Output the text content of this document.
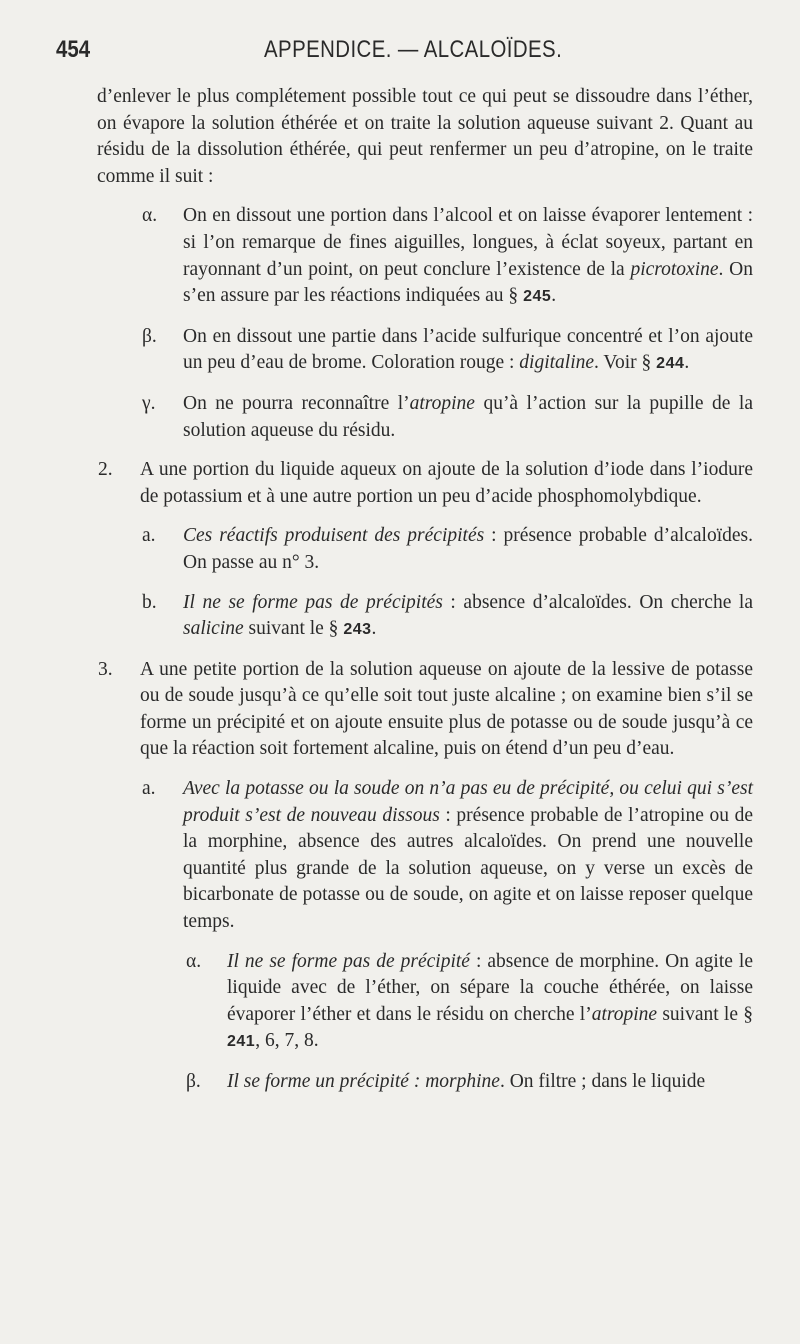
454	APPENDICE. — ALCALOÏDES.

d’enlever le plus complétement possible tout ce qui peut se dissoudre dans l’éther, on évapore la solution éthérée et on traite la solution aqueuse suivant 2. Quant au résidu de la dissolution éthérée, qui peut renfermer un peu d’atropine, on le traite comme il suit :

α. On en dissout une portion dans l’alcool et on laisse évaporer lentement : si l’on remarque de fines aiguilles, longues, à éclat soyeux, partant en rayonnant d’un point, on peut conclure l’existence de la picrotoxine. On s’en assure par les réactions indiquées au § 245.

β. On en dissout une partie dans l’acide sulfurique concentré et l’on ajoute un peu d’eau de brome. Coloration rouge : digitaline. Voir § 244.

γ. On ne pourra reconnaître l’atropine qu’à l’action sur la pupille de la solution aqueuse du résidu.

2. A une portion du liquide aqueux on ajoute de la solution d’iode dans l’iodure de potassium et à une autre portion un peu d’acide phosphomolybdique.

a. Ces réactifs produisent des précipités : présence probable d’alcaloïdes. On passe au n° 3.

b. Il ne se forme pas de précipités : absence d’alcaloïdes. On cherche la salicine suivant le § 243.

3. A une petite portion de la solution aqueuse on ajoute de la lessive de potasse ou de soude jusqu’à ce qu’elle soit tout juste alcaline ; on examine bien s’il se forme un précipité et on ajoute ensuite plus de potasse ou de soude jusqu’à ce que la réaction soit fortement alcaline, puis on étend d’un peu d’eau.

a. Avec la potasse ou la soude on n’a pas eu de précipité, ou celui qui s’est produit s’est de nouveau dissous : présence probable de l’atropine ou de la morphine, absence des autres alcaloïdes. On prend une nouvelle quantité plus grande de la solution aqueuse, on y verse un excès de bicarbonate de potasse ou de soude, on agite et on laisse reposer quelque temps.

α. Il ne se forme pas de précipité : absence de morphine. On agite le liquide avec de l’éther, on sépare la couche éthérée, on laisse évaporer l’éther et dans le résidu on cherche l’atropine suivant le § 241, 6, 7, 8.

β. Il se forme un précipité : morphine. On filtre ; dans le liquide
